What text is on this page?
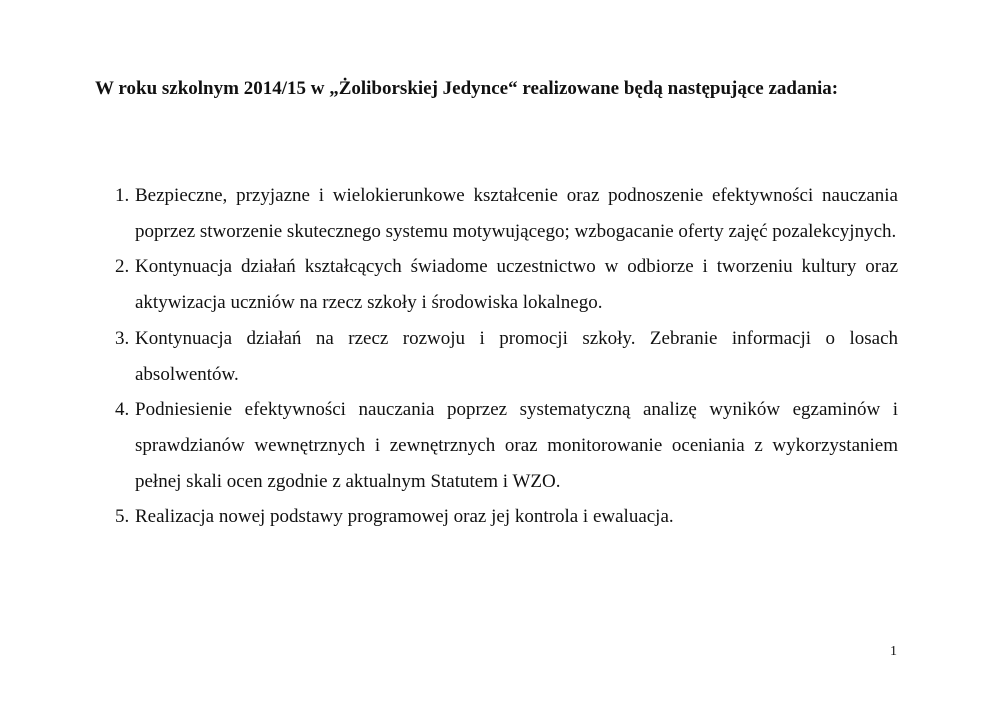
W roku szkolnym 2014/15 w „Żoliborskiej Jedynce“ realizowane będą następujące zadania:

1. Bezpieczne, przyjazne i wielokierunkowe kształcenie oraz podnoszenie efektywności nauczania poprzez stworzenie skutecznego systemu motywującego; wzbogacanie oferty zajęć pozalekcyjnych.
2. Kontynuacja działań kształcących świadome uczestnictwo w odbiorze i tworzeniu kultury oraz aktywizacja uczniów na rzecz szkoły i środowiska lokalnego.
3. Kontynuacja działań na rzecz rozwoju i promocji szkoły. Zebranie informacji o losach absolwentów.
4. Podniesienie efektywności nauczania poprzez systematyczną analizę wyników egzaminów i sprawdzianów wewnętrznych i zewnętrznych oraz monitorowanie oceniania z wykorzystaniem pełnej skali ocen zgodnie z aktualnym Statutem i WZO.
5. Realizacja nowej podstawy programowej oraz jej kontrola i ewaluacja.
1
